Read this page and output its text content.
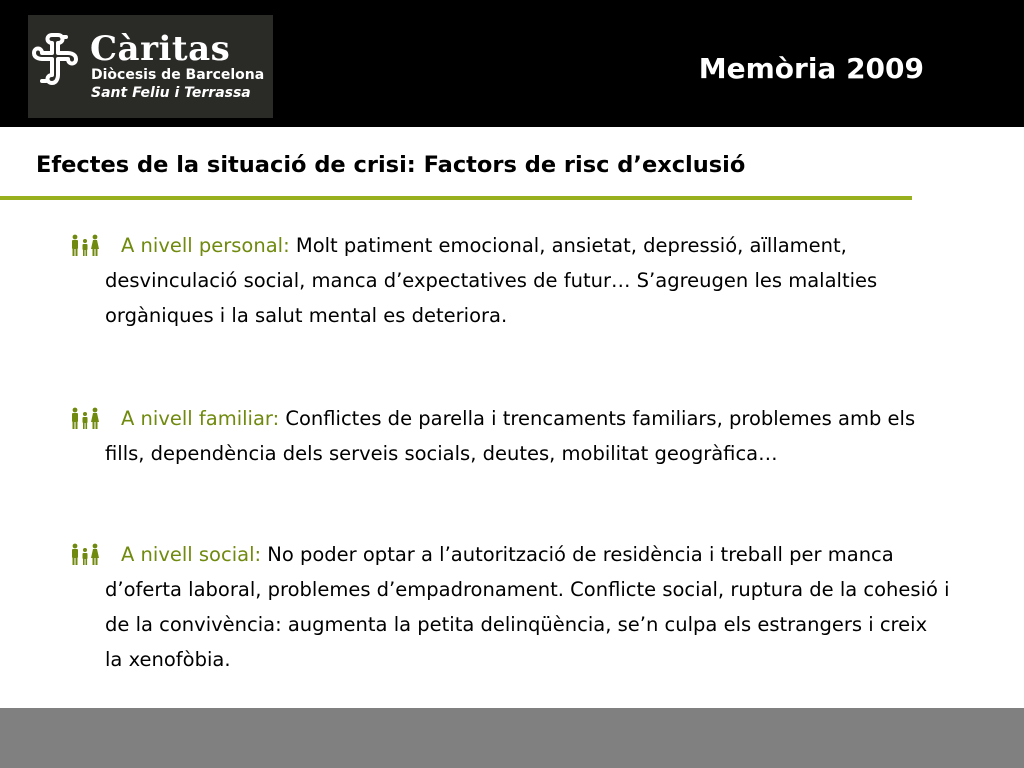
Càritas
Diòcesis de Barcelona
Sant Feliu i Terrassa
Memòria 2009
Efectes de la situació de crisi: Factors de risc d’exclusió

A nivell personal: Molt patiment emocional, ansietat, depressió, aïllament, desvinculació social, manca d’expectatives de futur… S’agreugen les malalties orgàniques i la salut mental es deteriora.

A nivell familiar: Conflictes de parella i trencaments familiars, problemes amb els fills, dependència dels serveis socials, deutes, mobilitat geogràfica…

A nivell social: No poder optar a l’autorització de residència i treball per manca d’oferta laboral, problemes d’empadronament. Conflicte social, ruptura de la cohesió i de la convivència: augmenta la petita delinqüència, se’n culpa els estrangers i creix la xenofòbia.
